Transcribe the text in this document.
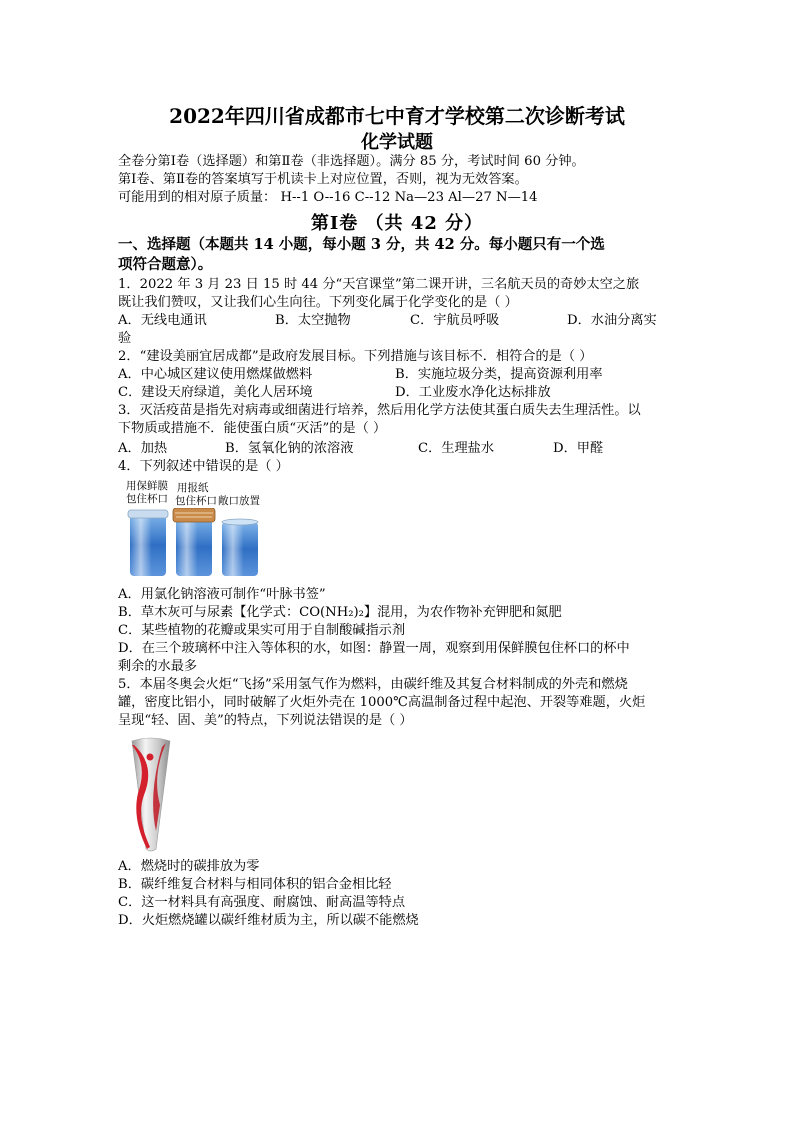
2022年四川省成都市七中育才学校第二次诊断考试
化学试题
全卷分第Ⅰ卷（选择题）和第Ⅱ卷（非选择题）。满分 85 分，考试时间 60 分钟。
第Ⅰ卷、第Ⅱ卷的答案填写于机读卡上对应位置，否则，视为无效答案。
可能用到的相对原子质量： H--1 O--16 C--12 Na—23 Al—27 N—14
第Ⅰ卷 （共 42 分）
一、选择题（本题共 14 小题，每小题 3 分，共 42 分。每小题只有一个选
项符合题意）。
1．2022 年 3 月 23 日 15 时 44 分“天宫课堂”第二课开讲，三名航天员的奇妙太空之旅
既让我们赞叹，又让我们心生向往。下列变化属于化学变化的是（ ）
A．无线电通讯	B．太空抛物	C．宇航员呼吸	D．水油分离实
验
2．“建设美丽宜居成都”是政府发展目标。下列措施与该目标不．相符合的是（ ）
A．中心城区建议使用燃煤做燃料	B．实施垃圾分类，提高资源利用率
C．建设天府绿道，美化人居环境	D．工业废水净化达标排放
3．灭活疫苗是指先对病毒或细菌进行培养，然后用化学方法使其蛋白质失去生理活性。以
下物质或措施不．能使蛋白质“灭活”的是（ ）
A．加热	B．氢氧化钠的浓溶液	C．生理盐水	D．甲醛
4．下列叙述中错误的是（ ）
用保鲜膜
包住杯口
用报纸
包住杯口 敞口放置
A．用氯化钠溶液可制作“叶脉书签”
B．草木灰可与尿素【化学式：CO(NH₂)₂】混用，为农作物补充钾肥和氮肥
C．某些植物的花瓣或果实可用于自制酸碱指示剂
D．在三个玻璃杯中注入等体积的水，如图：静置一周，观察到用保鲜膜包住杯口的杯中
剩余的水最多
5．本届冬奥会火炬“飞扬”采用氢气作为燃料，由碳纤维及其复合材料制成的外壳和燃烧
罐，密度比铝小，同时破解了火炬外壳在 1000℃高温制备过程中起泡、开裂等难题，火炬
呈现“轻、固、美”的特点，下列说法错误的是（ ）
A．燃烧时的碳排放为零
B．碳纤维复合材料与相同体积的铝合金相比轻
C．这一材料具有高强度、耐腐蚀、耐高温等特点
D．火炬燃烧罐以碳纤维材质为主，所以碳不能燃烧
